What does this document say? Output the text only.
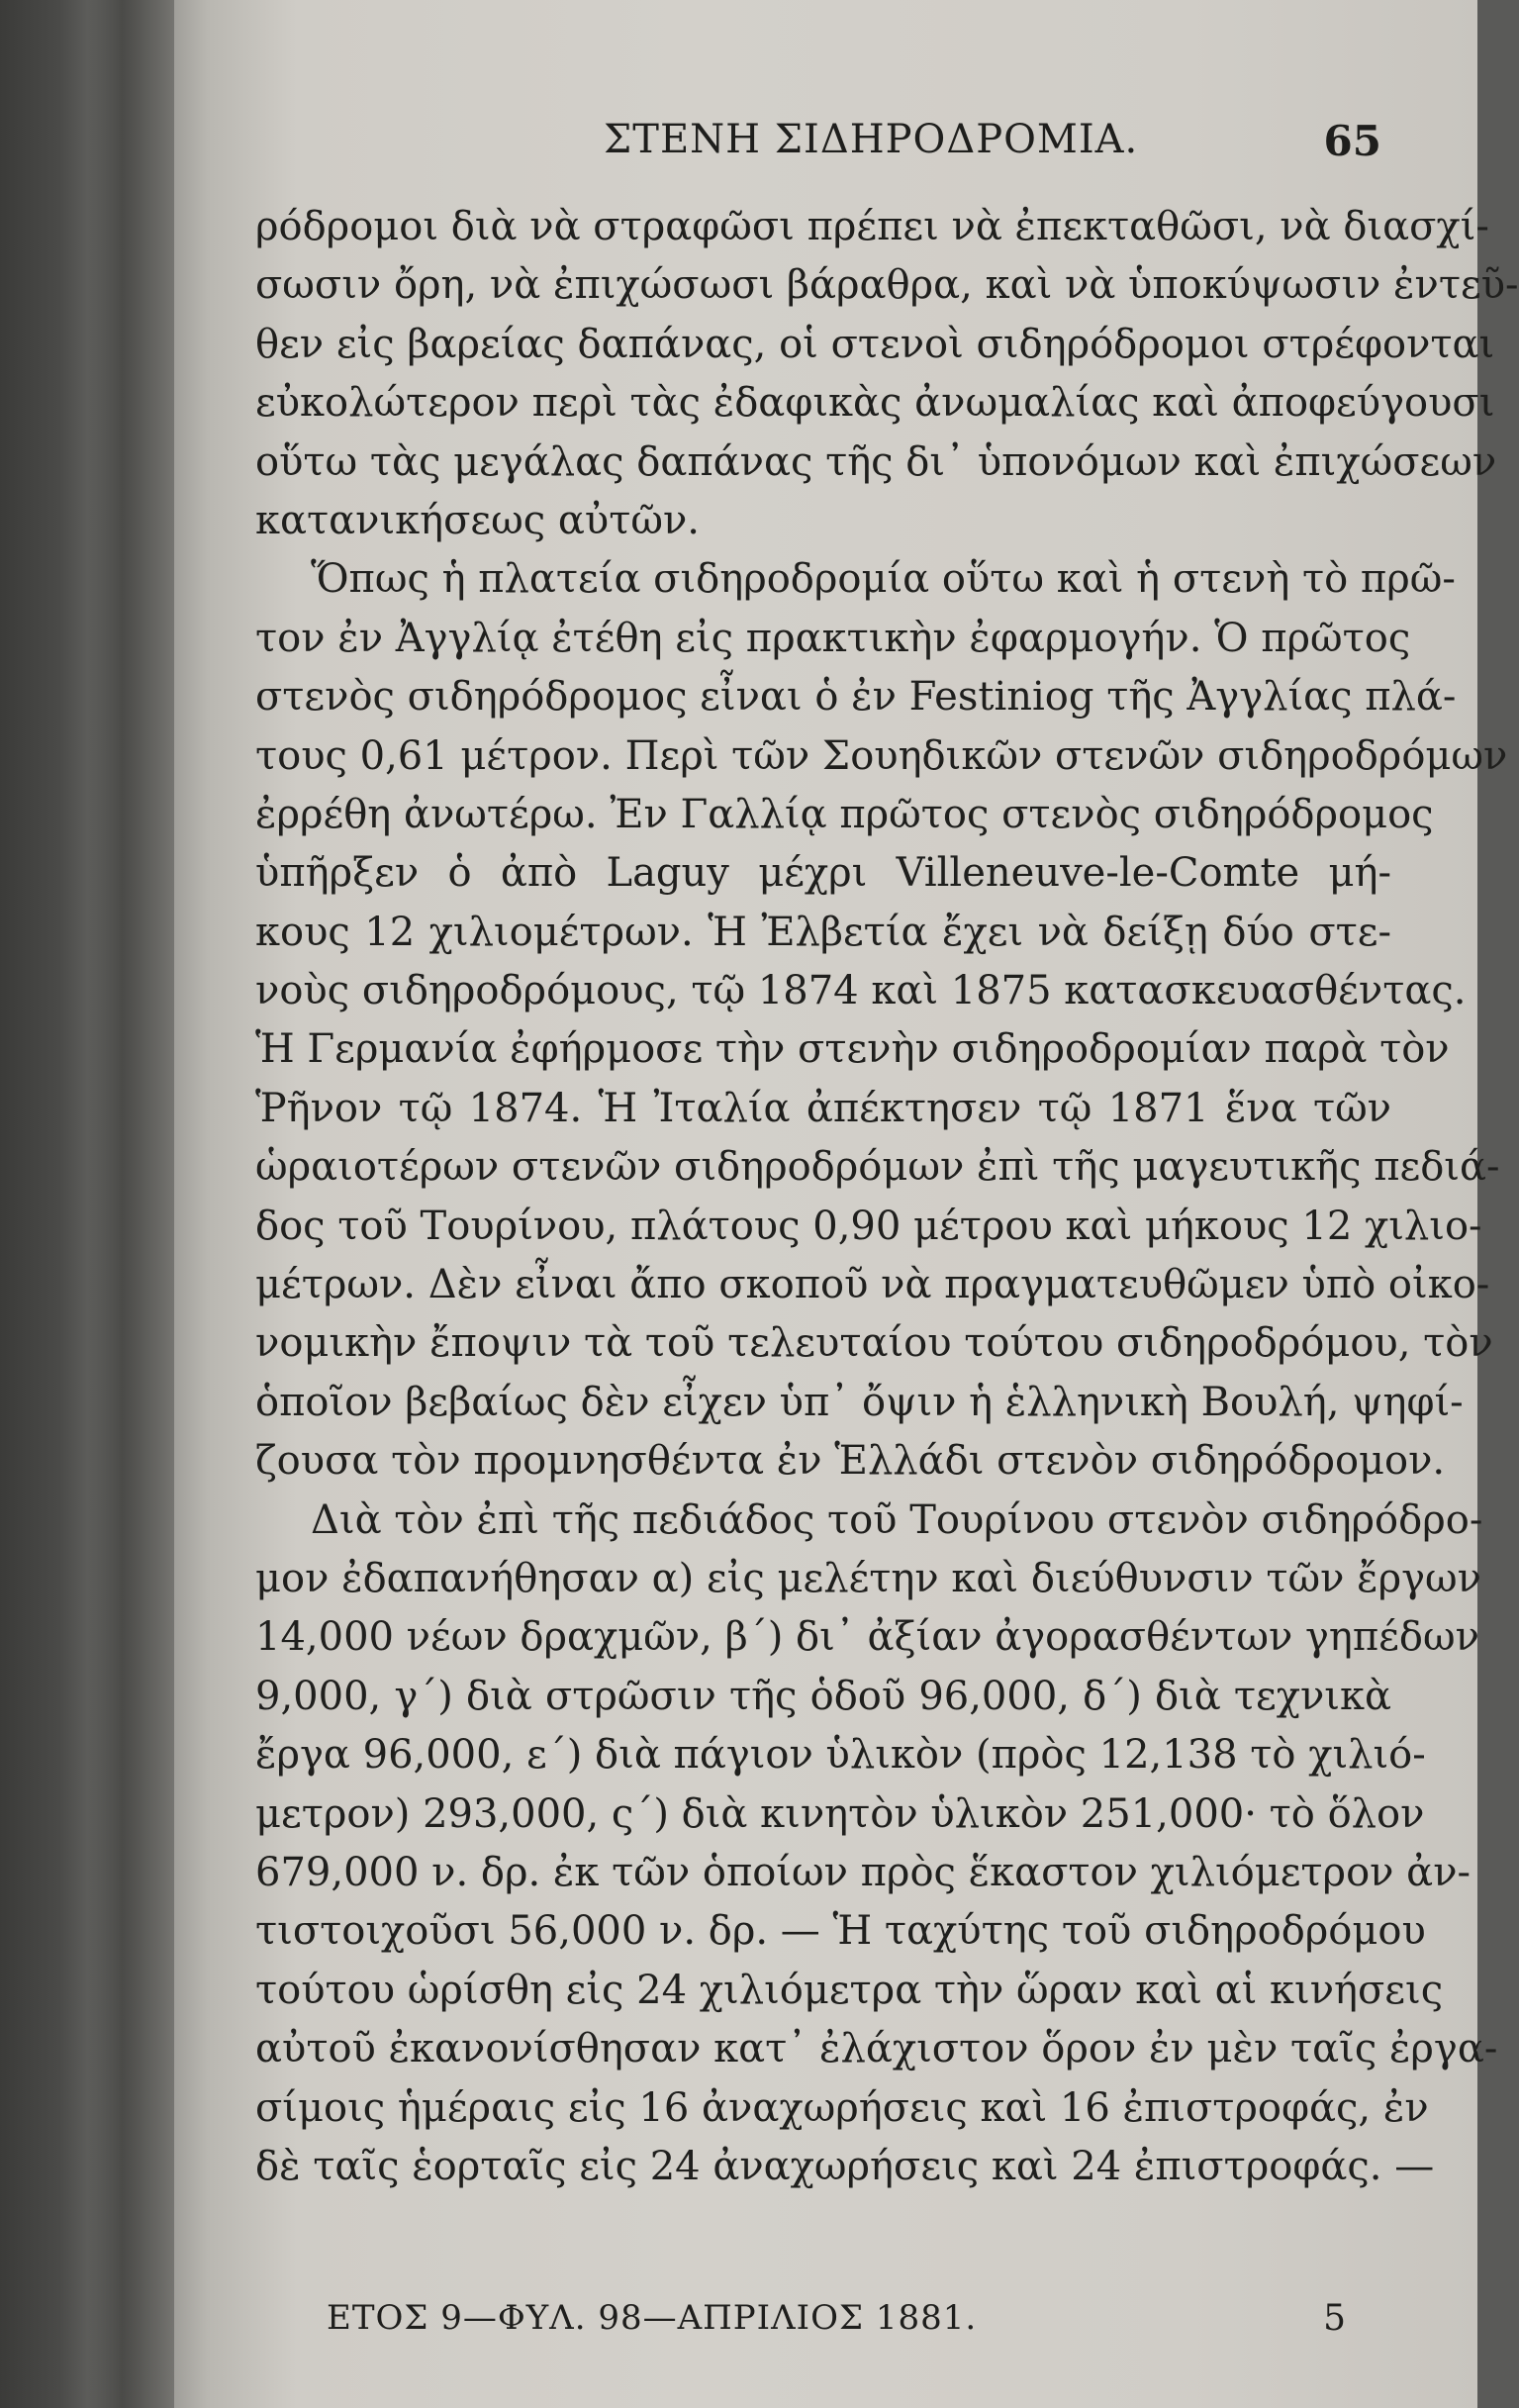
ΣΤΕΝΗ ΣΙΔΗΡΟΔΡΟΜΙΑ.	65
ρόδρομοι διὰ νὰ στραφῶσι πρέπει νὰ ἐπεκταθῶσι, νὰ διασχί-
σωσιν ὄρη, νὰ ἐπιχώσωσι βάραθρα, καὶ νὰ ὑποκύψωσιν ἐντεῦ-
θεν εἰς βαρείας δαπάνας, οἱ στενοὶ σιδηρόδρομοι στρέφονται
εὐκολώτερον περὶ τὰς ἐδαφικὰς ἀνωμαλίας καὶ ἀποφεύγουσι
οὕτω τὰς μεγάλας δαπάνας τῆς δι᾽ ὑπονόμων καὶ ἐπιχώσεων
κατανικήσεως αὐτῶν.
Ὅπως ἡ πλατεία σιδηροδρομία οὕτω καὶ ἡ στενὴ τὸ πρῶ-
τον ἐν Ἀγγλίᾳ ἐτέθη εἰς πρακτικὴν ἐφαρμογήν. Ὁ πρῶτος
στενὸς σιδηρόδρομος εἶναι ὁ ἐν Festiniog τῆς Ἀγγλίας πλά-
τους 0,61 μέτρον. Περὶ τῶν Σουηδικῶν στενῶν σιδηροδρόμων
ἐρρέθη ἀνωτέρω. Ἐν Γαλλίᾳ πρῶτος στενὸς σιδηρόδρομος
ὑπῆρξεν ὁ ἀπὸ Laguy μέχρι Villeneuve-le-Comte μή-
κους 12 χιλιομέτρων. Ἡ Ἐλβετία ἔχει νὰ δείξῃ δύο στε-
νοὺς σιδηροδρόμους, τῷ 1874 καὶ 1875 κατασκευασθέντας.
Ἡ Γερμανία ἐφήρμοσε τὴν στενὴν σιδηροδρομίαν παρὰ τὸν
Ῥῆνον τῷ 1874. Ἡ Ἰταλία ἀπέκτησεν τῷ 1871 ἕνα τῶν
ὡραιοτέρων στενῶν σιδηροδρόμων ἐπὶ τῆς μαγευτικῆς πεδιά-
δος τοῦ Τουρίνου, πλάτους 0,90 μέτρου καὶ μήκους 12 χιλιο-
μέτρων. Δὲν εἶναι ἄπο σκοποῦ νὰ πραγματευθῶμεν ὑπὸ οἰκο-
νομικὴν ἔποψιν τὰ τοῦ τελευταίου τούτου σιδηροδρόμου, τὸν
ὁποῖον βεβαίως δὲν εἶχεν ὑπ᾽ ὄψιν ἡ ἑλληνικὴ Βουλή, ψηφί-
ζουσα τὸν προμνησθέντα ἐν Ἑλλάδι στενὸν σιδηρόδρομον.
Διὰ τὸν ἐπὶ τῆς πεδιάδος τοῦ Τουρίνου στενὸν σιδηρόδρο-
μον ἐδαπανήθησαν α) εἰς μελέτην καὶ διεύθυνσιν τῶν ἔργων
14,000 νέων δραχμῶν, β´) δι᾽ ἀξίαν ἀγορασθέντων γηπέδων
9,000, γ´) διὰ στρῶσιν τῆς ὁδοῦ 96,000, δ´) διὰ τεχνικὰ
ἔργα 96,000, ε´) διὰ πάγιον ὑλικὸν (πρὸς 12,138 τὸ χιλιό-
μετρον) 293,000, ς´) διὰ κινητὸν ὑλικὸν 251,000· τὸ ὅλον
679,000 ν. δρ. ἐκ τῶν ὁποίων πρὸς ἕκαστον χιλιόμετρον ἀν-
τιστοιχοῦσι 56,000 ν. δρ. — Ἡ ταχύτης τοῦ σιδηροδρόμου
τούτου ὡρίσθη εἰς 24 χιλιόμετρα τὴν ὥραν καὶ αἱ κινήσεις
αὐτοῦ ἐκανονίσθησαν κατ᾽ ἐλάχιστον ὅρον ἐν μὲν ταῖς ἐργα-
σίμοις ἡμέραις εἰς 16 ἀναχωρήσεις καὶ 16 ἐπιστροφάς, ἐν
δὲ ταῖς ἑορταῖς εἰς 24 ἀναχωρήσεις καὶ 24 ἐπιστροφάς. —
ΕΤΟΣ 9—ΦΥΛ. 98—ΑΠΡΙΛΙΟΣ 1881.	5
